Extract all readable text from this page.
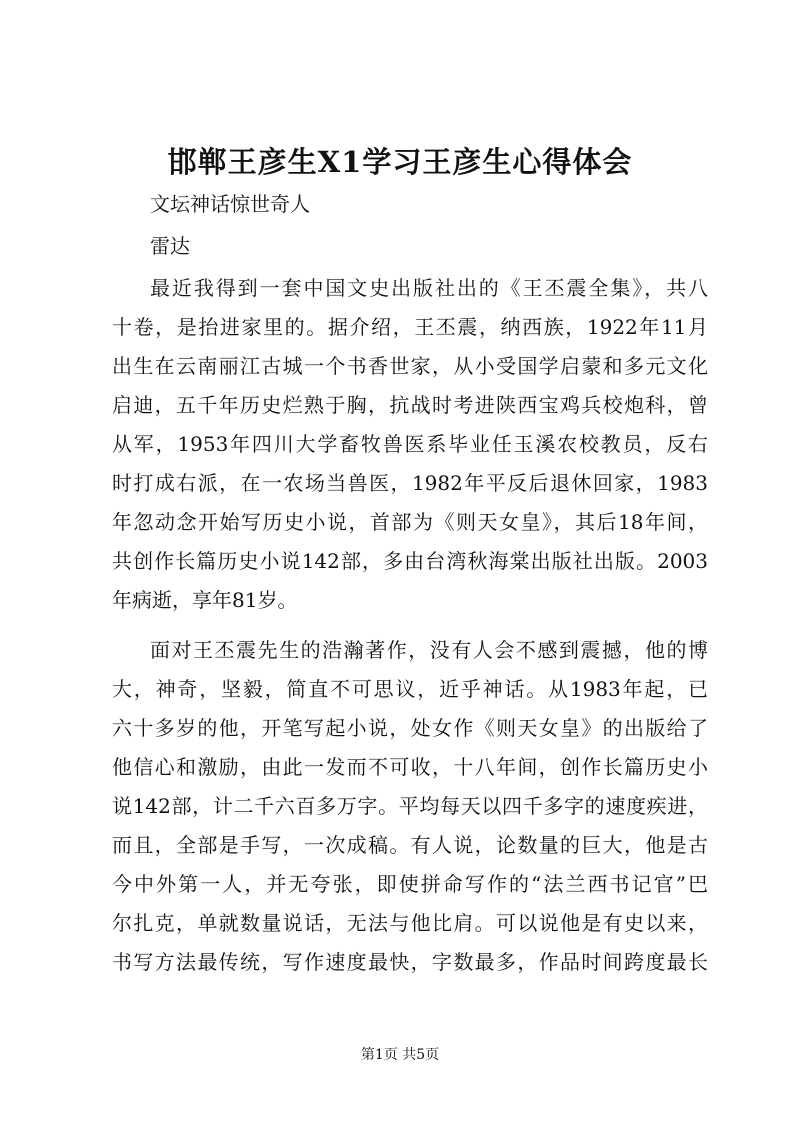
邯郸王彦生X1学习王彦生心得体会
文坛神话惊世奇人
雷达
最近我得到一套中国文史出版社出的《王丕震全集》，共八
十卷，是抬进家里的。据介绍，王丕震，纳西族，1922年11月
出生在云南丽江古城一个书香世家，从小受国学启蒙和多元文化
启迪，五千年历史烂熟于胸，抗战时考进陕西宝鸡兵校炮科，曾
从军，1953年四川大学畜牧兽医系毕业任玉溪农校教员，反右
时打成右派，在一农场当兽医，1982年平反后退休回家，1983
年忽动念开始写历史小说，首部为《则天女皇》，其后18年间，
共创作长篇历史小说142部，多由台湾秋海棠出版社出版。2003
年病逝，享年81岁。
面对王丕震先生的浩瀚著作，没有人会不感到震撼，他的博
大，神奇，坚毅，简直不可思议，近乎神话。从1983年起，已
六十多岁的他，开笔写起小说，处女作《则天女皇》的出版给了
他信心和激励，由此一发而不可收，十八年间，创作长篇历史小
说142部，计二千六百多万字。平均每天以四千多字的速度疾进，
而且，全部是手写，一次成稿。有人说，论数量的巨大，他是古
今中外第一人，并无夸张，即使拼命写作的“法兰西书记官”巴
尔扎克，单就数量说话，无法与他比肩。可以说他是有史以来，
书写方法最传统，写作速度最快，字数最多，作品时间跨度最长
第1页 共5页
